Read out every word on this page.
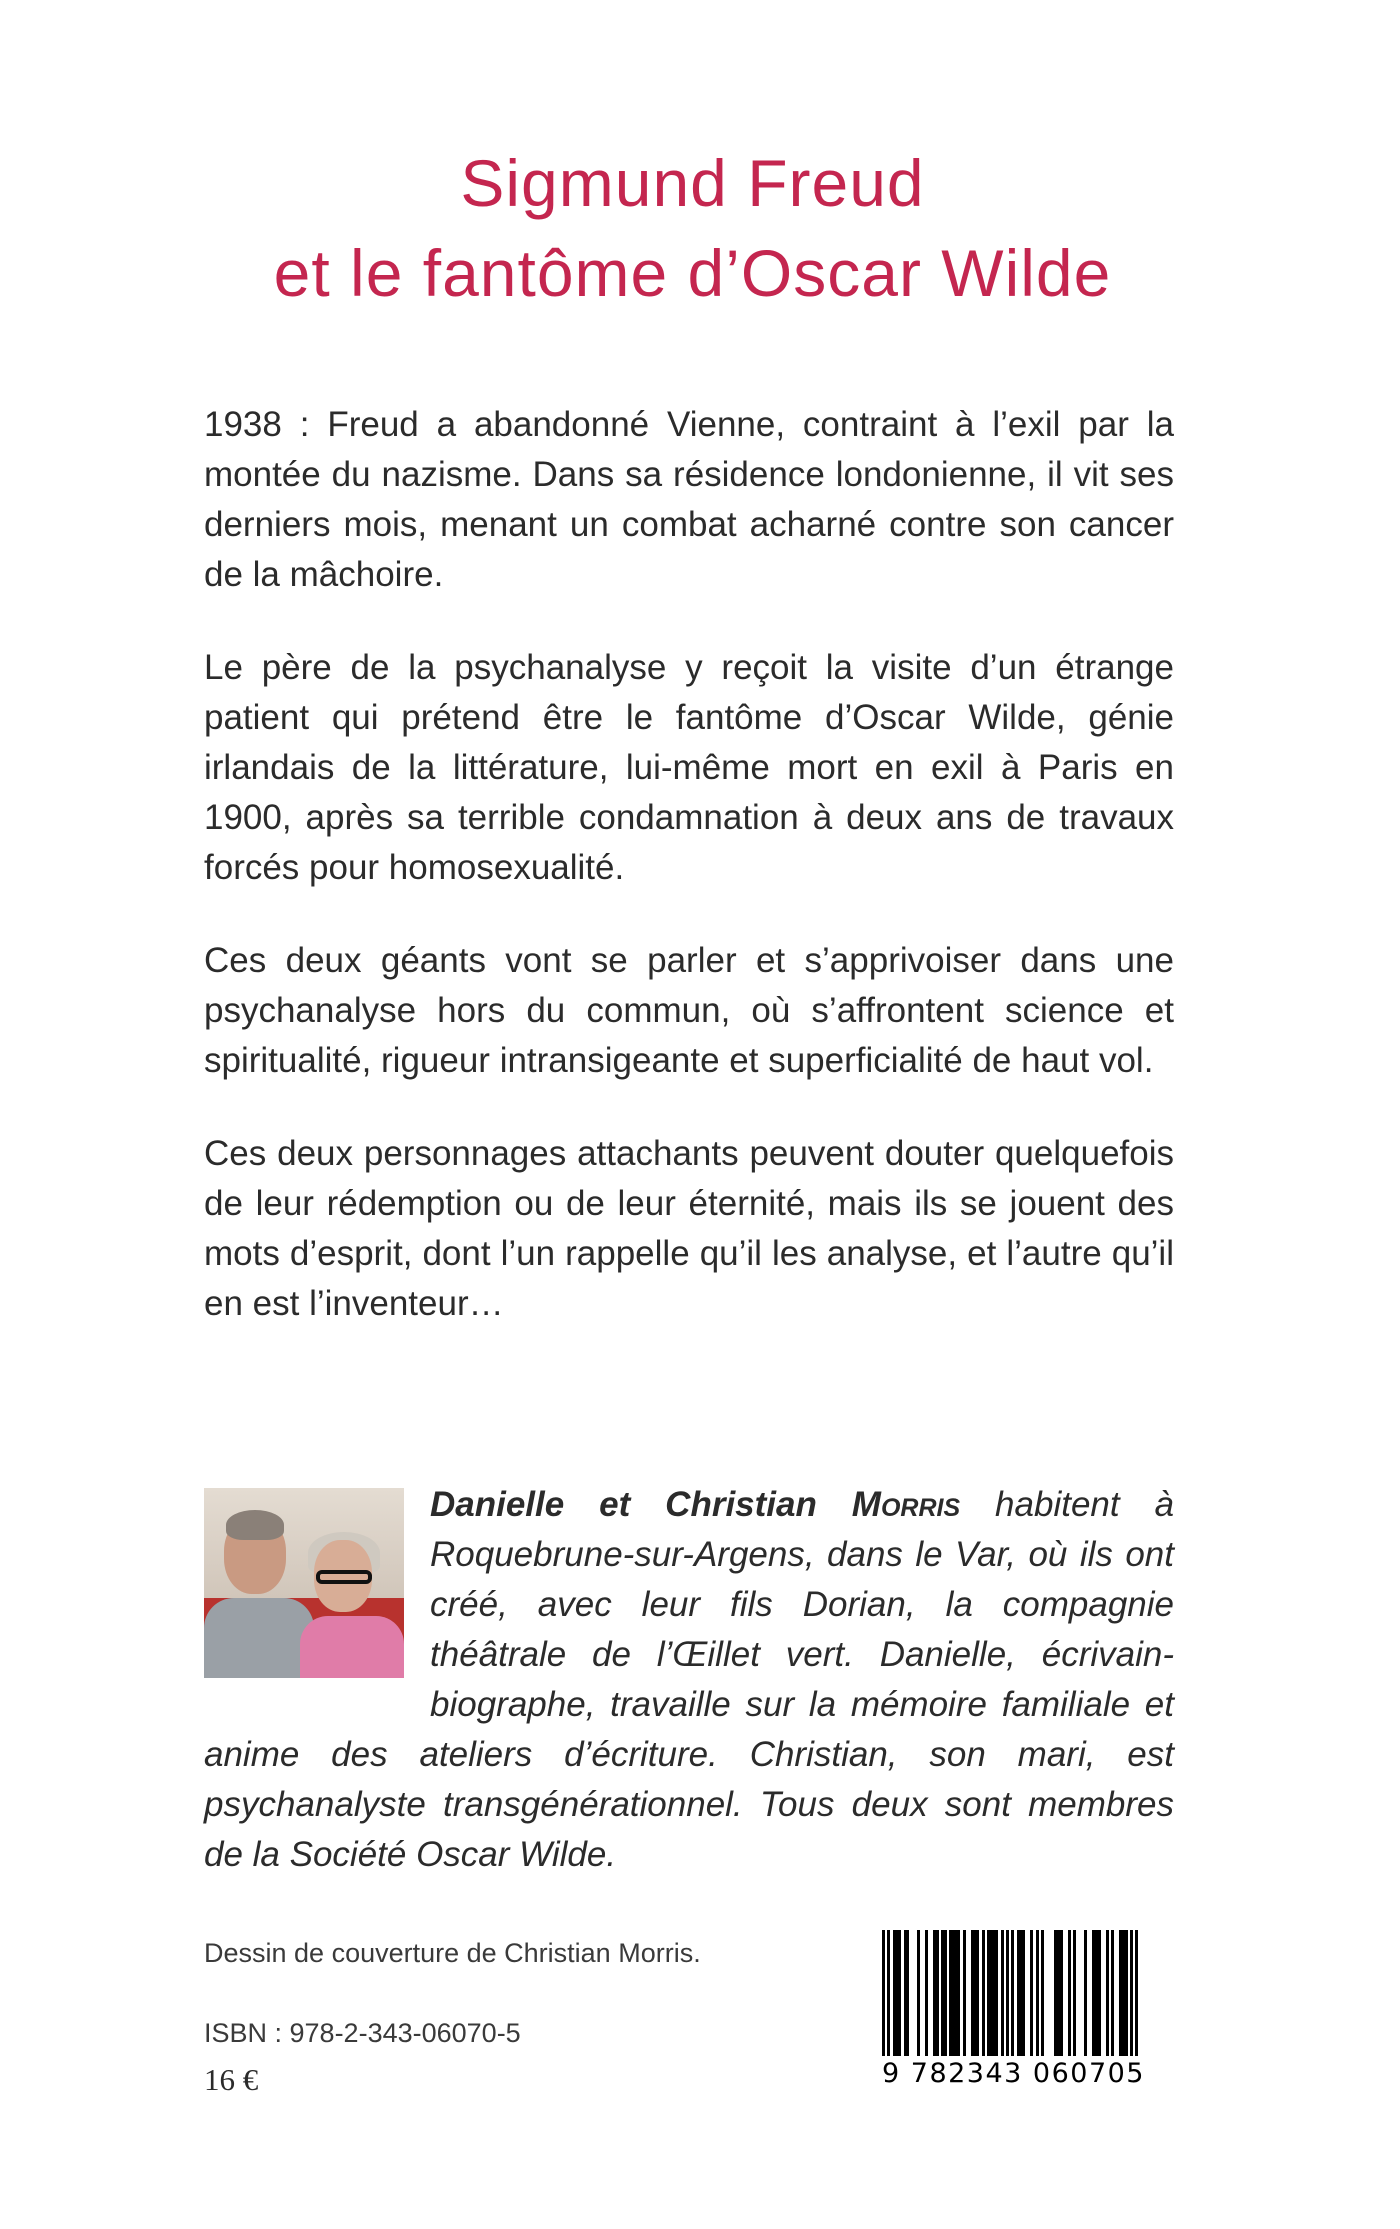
Sigmund Freud
et le fantôme d’Oscar Wilde

1938 : Freud a abandonné Vienne, contraint à l’exil par la montée du nazisme. Dans sa résidence londonienne, il vit ses derniers mois, menant un combat acharné contre son cancer de la mâchoire.

Le père de la psychanalyse y reçoit la visite d’un étrange patient qui prétend être le fantôme d’Oscar Wilde, génie irlandais de la littérature, lui-même mort en exil à Paris en 1900, après sa terrible condamnation à deux ans de travaux forcés pour homosexualité.

Ces deux géants vont se parler et s’apprivoiser dans une psychanalyse hors du commun, où s’affrontent science et spiritualité, rigueur intransigeante et superficialité de haut vol.

Ces deux personnages attachants peuvent douter quelquefois de leur rédemption ou de leur éternité, mais ils se jouent des mots d’esprit, dont l’un rappelle qu’il les analyse, et l’autre qu’il en est l’inventeur…

Danielle et Christian Morris habitent à Roquebrune-sur-Argens, dans le Var, où ils ont créé, avec leur fils Dorian, la compagnie théâtrale de l’Œillet vert. Danielle, écrivain-biographe, travaille sur la mémoire familiale et anime des ateliers d’écriture. Christian, son mari, est psychanalyste transgénérationnel. Tous deux sont membres de la Société Oscar Wilde.
Dessin de couverture de Christian Morris.
ISBN : 978-2-343-06070-5
16 €	9 782343 060705
